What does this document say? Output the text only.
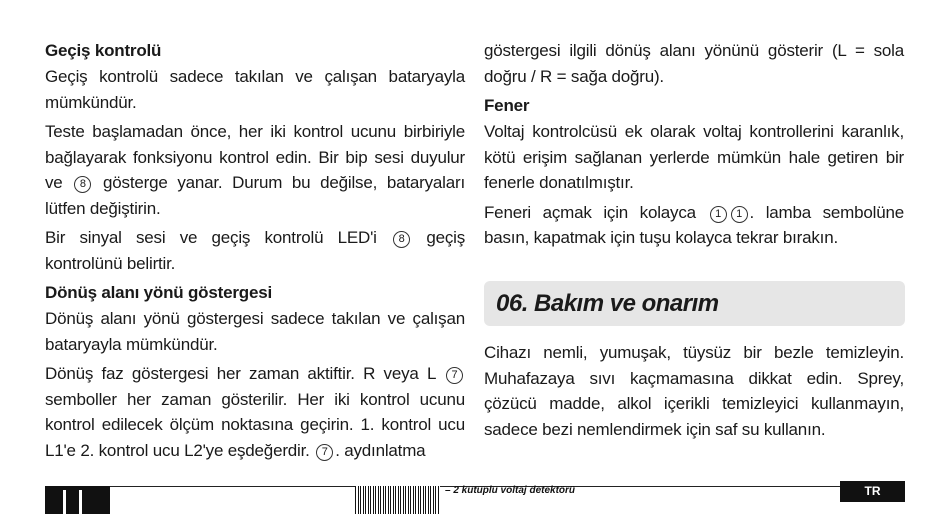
Geçiş kontrolü

Geçiş kontrolü sadece takılan ve çalışan bataryayla mümkündür.

Teste başlamadan önce, her iki kontrol ucunu birbiriyle bağlayarak fonksiyonu kontrol edin. Bir bip sesi duyulur ve 8 gösterge yanar. Durum bu değilse, bataryaları lütfen değiştirin.

Bir sinyal sesi ve geçiş kontrolü LED'i 8 geçiş kontrolünü belirtir.

Dönüş alanı yönü göstergesi

Dönüş alanı yönü göstergesi sadece takılan ve çalışan bataryayla mümkündür.

Dönüş faz göstergesi her zaman aktiftir. R veya L 7 semboller her zaman gösterilir. Her iki kontrol ucunu kontrol edilecek ölçüm noktasına geçirin. 1. kontrol ucu L1'e 2. kontrol ucu L2'ye eşdeğerdir. 7 . aydınlatma

göstergesi ilgili dönüş alanı yönünü gösterir (L = sola doğru / R = sağa doğru).

Fener

Voltaj kontrolcüsü ek olarak voltaj kontrollerini karanlık, kötü erişim sağlanan yerlerde mümkün hale getiren bir fenerle donatılmıştır.

Feneri açmak için kolayca 1 1 . lamba sembolüne basın, kapatmak için tuşu kolayca tekrar bırakın.

06. Bakım ve onarım

Cihazı nemli, yumuşak, tüysüz bir bezle temizleyin. Muhafazaya sıvı kaçmamasına dikkat edin. Sprey, çözücü madde, alkol içerikli temizleyici kullanmayın, sadece bezi nemlendirmek için saf su kullanın.

– 2 kutuplu voltaj detektörü	TR
